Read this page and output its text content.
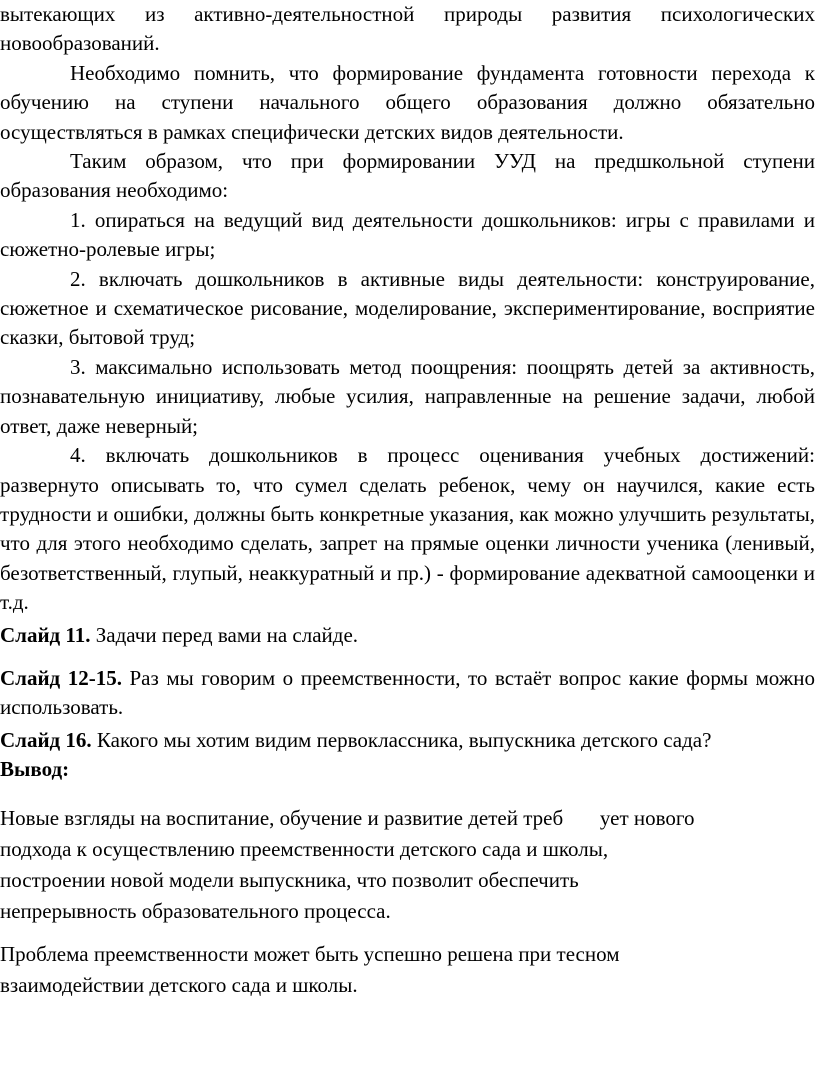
вытекающих из активно-деятельностной природы развития психологических новообразований.

Необходимо помнить, что формирование фундамента готовности перехода к обучению на ступени начального общего образования должно обязательно осуществляться в рамках специфически детских видов деятельности.

Таким образом, что при формировании УУД на предшкольной ступени образования необходимо:

1. опираться на ведущий вид деятельности дошкольников: игры с правилами и сюжетно-ролевые игры;

2. включать дошкольников в активные виды деятельности: конструирование, сюжетное и схематическое рисование, моделирование, экспериментирование, восприятие сказки, бытовой труд;

3. максимально использовать метод поощрения: поощрять детей за активность, познавательную инициативу, любые усилия, направленные на решение задачи, любой ответ, даже неверный;

4. включать дошкольников в процесс оценивания учебных достижений: развернуто описывать то, что сумел сделать ребенок, чему он научился, какие есть трудности и ошибки, должны быть конкретные указания, как можно улучшить результаты, что для этого необходимо сделать, запрет на прямые оценки личности ученика (ленивый, безответственный, глупый, неаккуратный и пр.) - формирование адекватной самооценки и т.д.

Слайд 11. Задачи перед вами на слайде.

Слайд 12-15. Раз мы говорим о преемственности, то встаёт вопрос какие формы можно использовать.

Слайд 16. Какого мы хотим видим первоклассника, выпускника детского сада?

Вывод:

Новые взгляды на воспитание, обучение и развитие детей треб       ует нового
подхода к осуществлению преемственности детского сада и школы,
построении новой модели выпускника, что позволит обеспечить
непрерывность образовательного процесса.
Проблема преемственности может быть успешно решена при тесном
взаимодействии детского сада и школы.
